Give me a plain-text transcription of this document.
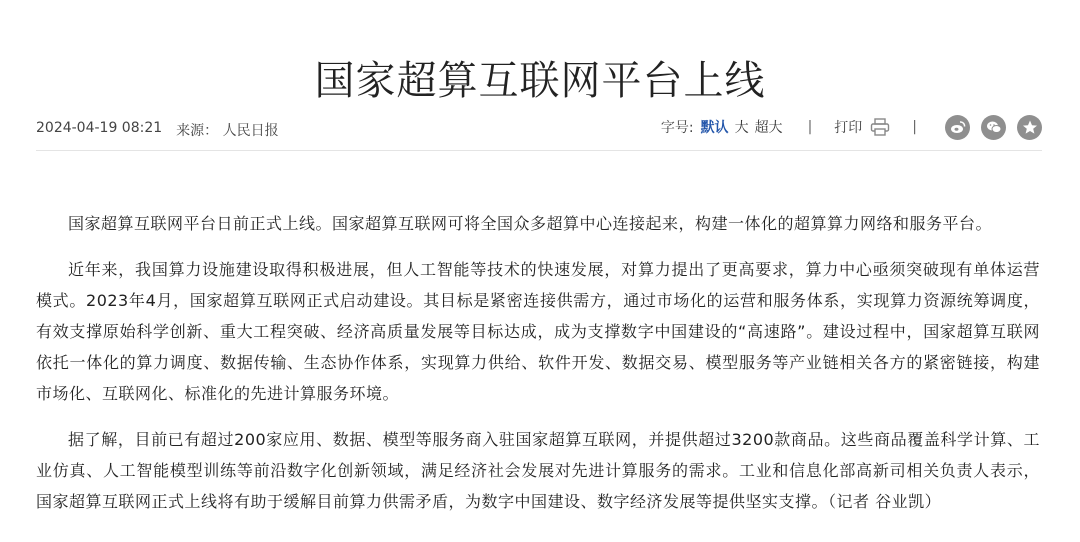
国家超算互联网平台上线
2024-04-19 08:21 来源： 人民日报	字号: 默认 大 超大 | 打印	|

国家超算互联网平台日前正式上线。国家超算互联网可将全国众多超算中心连接起来，构建一体化的超算算力网络和服务平台。

近年来，我国算力设施建设取得积极进展，但人工智能等技术的快速发展，对算力提出了更高要求，算力中心亟须突破现有单体运营模式。2023年4月，国家超算互联网正式启动建设。其目标是紧密连接供需方，通过市场化的运营和服务体系，实现算力资源统筹调度，有效支撑原始科学创新、重大工程突破、经济高质量发展等目标达成，成为支撑数字中国建设的“高速路”。建设过程中，国家超算互联网依托一体化的算力调度、数据传输、生态协作体系，实现算力供给、软件开发、数据交易、模型服务等产业链相关各方的紧密链接，构建市场化、互联网化、标准化的先进计算服务环境。

据了解，目前已有超过200家应用、数据、模型等服务商入驻国家超算互联网，并提供超过3200款商品。这些商品覆盖科学计算、工业仿真、人工智能模型训练等前沿数字化创新领域，满足经济社会发展对先进计算服务的需求。工业和信息化部高新司相关负责人表示，国家超算互联网正式上线将有助于缓解目前算力供需矛盾，为数字中国建设、数字经济发展等提供坚实支撑。（记者 谷业凯）
